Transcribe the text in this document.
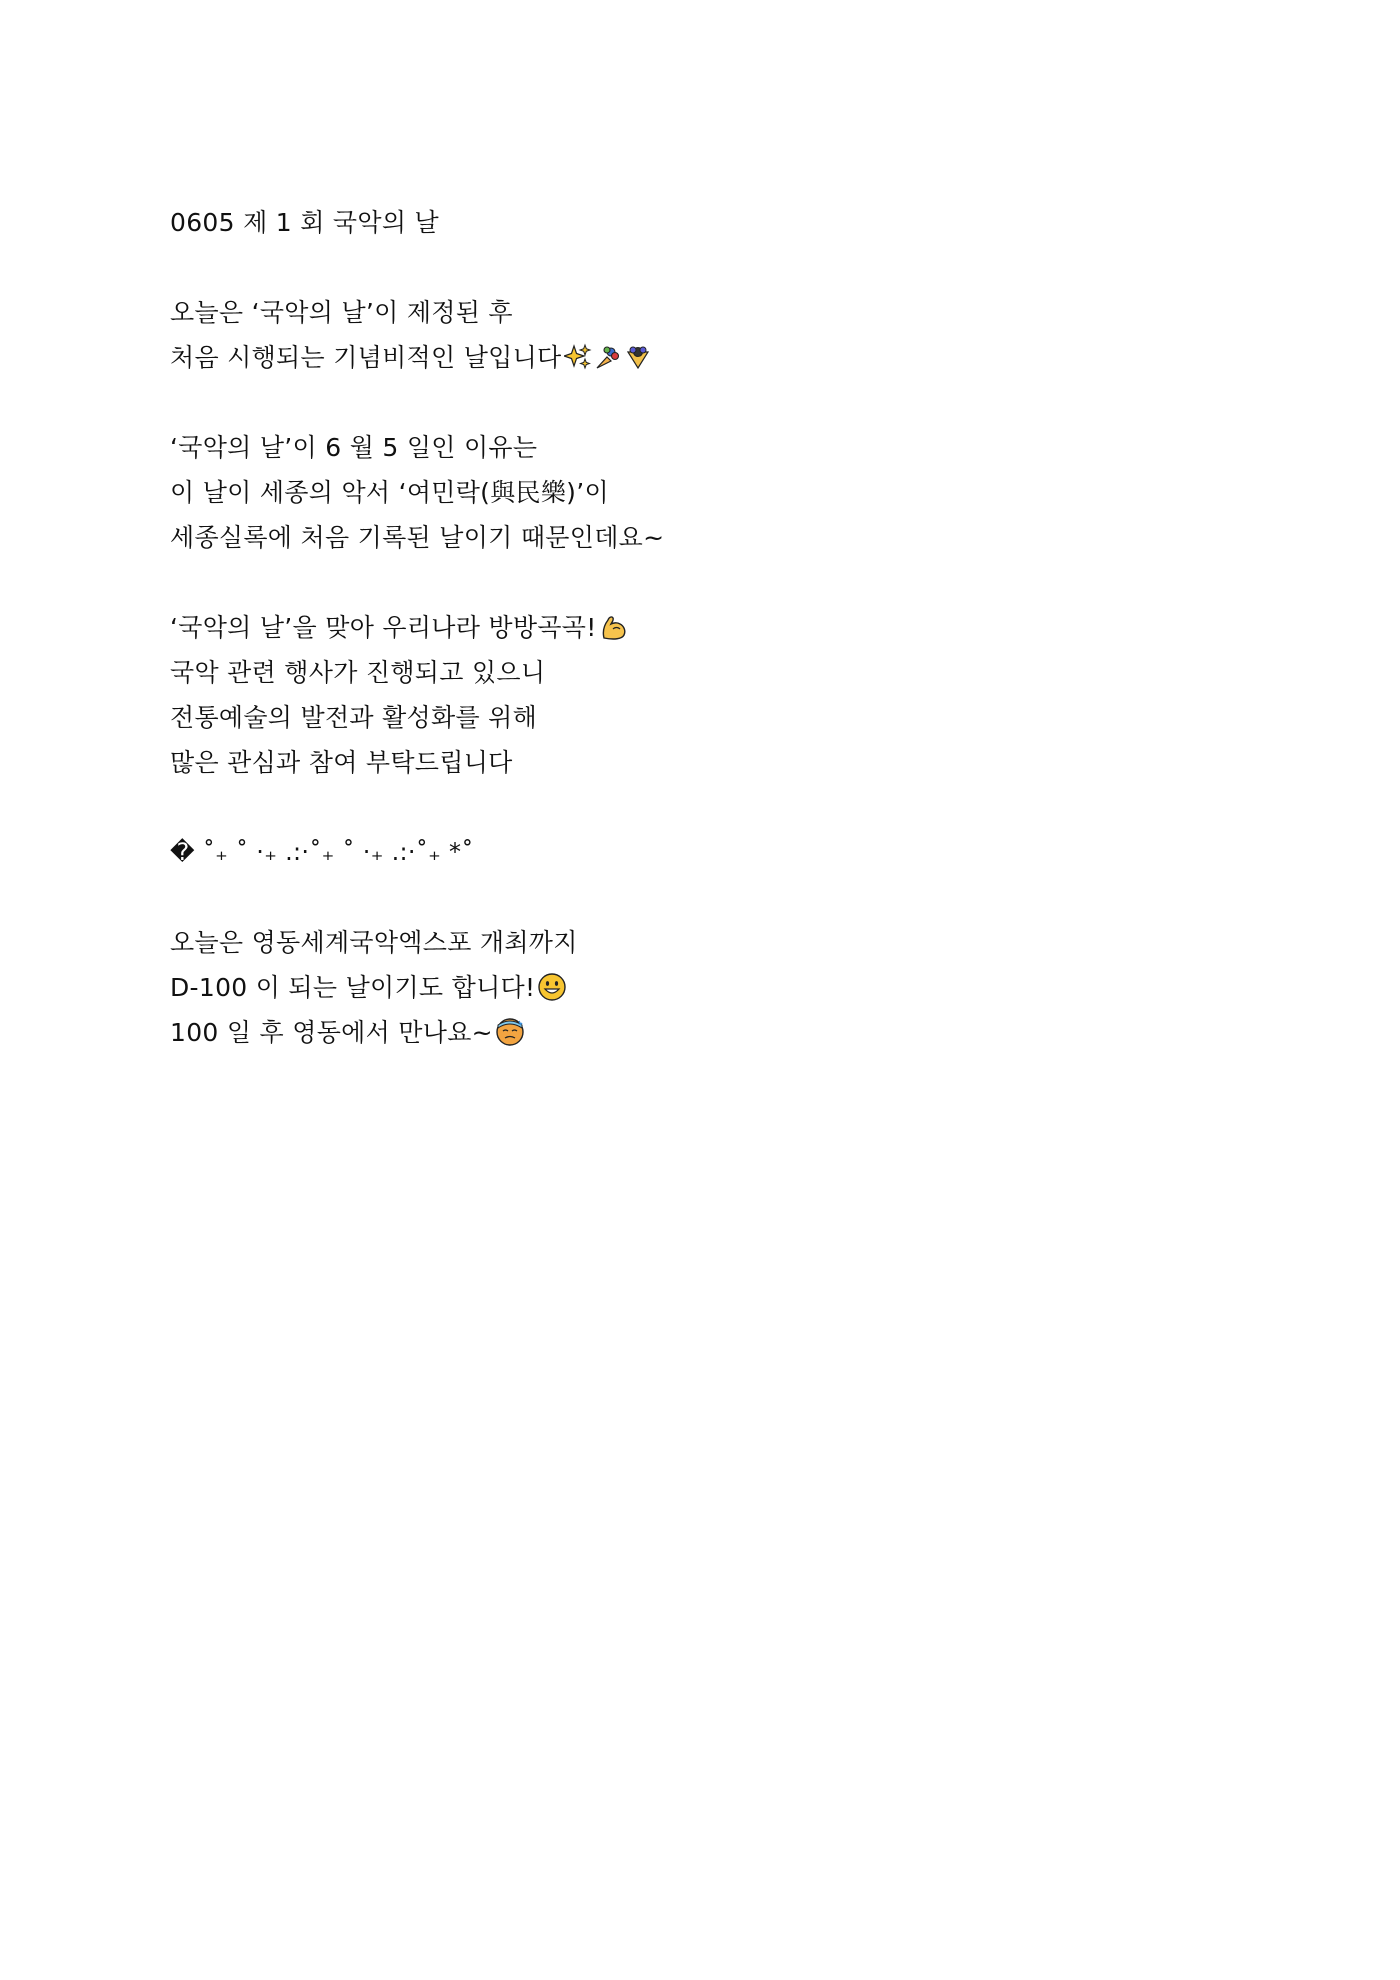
0605 제 1 회 국악의 날
오늘은 ‘국악의 날’이 제정된 후
처음 시행되는 기념비적인 날입니다
‘국악의 날’이 6 월 5 일인 이유는
이 날이 세종의 악서 ‘여민락(與民樂)’이
세종실록에 처음 기록된 날이기 때문인데요~
‘국악의 날’을 맞아 우리나라 방방곡곡!
국악 관련 행사가 진행되고 있으니
전통예술의 발전과 활성화를 위해
많은 관심과 참여 부탁드립니다
� ˚₊ ˚ ·₊ .:·˚₊ ˚ ·₊ .:·˚₊ *˚
오늘은 영동세계국악엑스포 개최까지
D-100 이 되는 날이기도 합니다!
100 일 후 영동에서 만나요~
